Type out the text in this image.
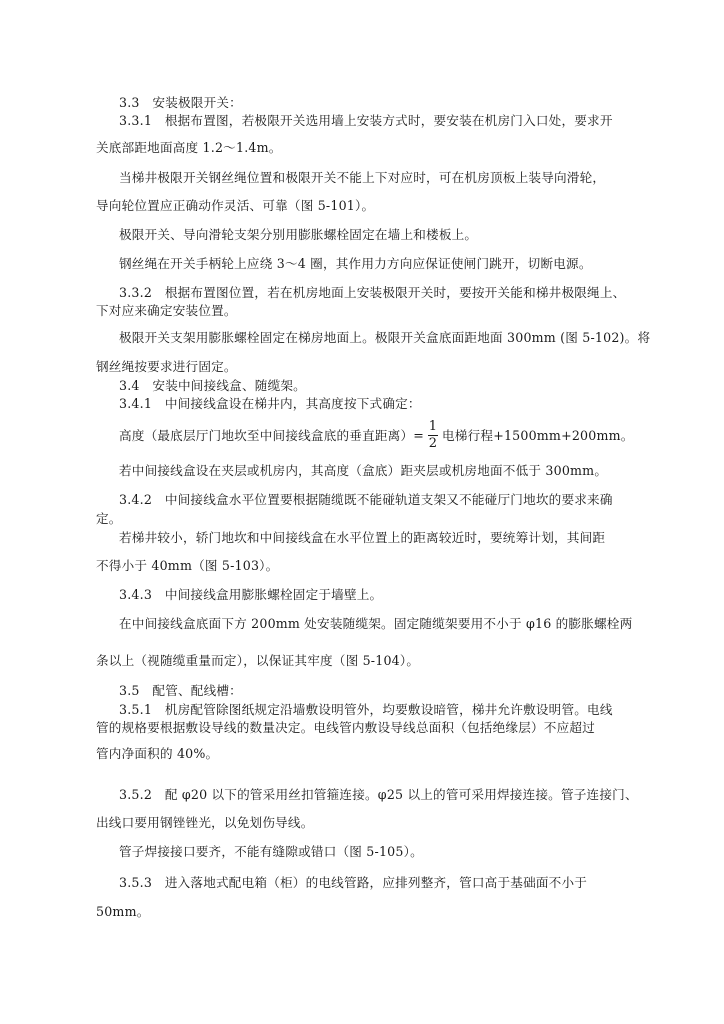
3.3　安装极限开关：
3.3.1　根据布置图，若极限开关选用墙上安装方式时，要安装在机房门入口处，要求开
关底部距地面高度 1.2～1.4m。
当梯井极限开关钢丝绳位置和极限开关不能上下对应时，可在机房顶板上装导向滑轮，
导向轮位置应正确动作灵活、可靠（图 5-101）。
极限开关、导向滑轮支架分别用膨胀螺栓固定在墙上和楼板上。
钢丝绳在开关手柄轮上应绕 3～4 圈，其作用力方向应保证使闸门跳开，切断电源。
3.3.2　根据布置图位置，若在机房地面上安装极限开关时，要按开关能和梯井极限绳上、
下对应来确定安装位置。
极限开关支架用膨胀螺栓固定在梯房地面上。极限开关盒底面距地面 300mm (图 5-102)。将
钢丝绳按要求进行固定。
3.4　安装中间接线盒、随缆架。
3.4.1　中间接线盒设在梯井内，其高度按下式确定：
高度（最底层厅门地坎至中间接线盒底的垂直距离）= $\frac{1}{2}$ 电梯行程+1500mm+200mm。
若中间接线盒设在夹层或机房内，其高度（盒底）距夹层或机房地面不低于 300mm。
3.4.2　中间接线盒水平位置要根据随缆既不能碰轨道支架又不能碰厅门地坎的要求来确
定。
若梯井较小，轿门地坎和中间接线盒在水平位置上的距离较近时，要统筹计划，其间距
不得小于 40mm（图 5-103）。
3.4.3　中间接线盒用膨胀螺栓固定于墙壁上。
在中间接线盒底面下方 200mm 处安装随缆架。固定随缆架要用不小于 φ16 的膨胀螺栓两
条以上（视随缆重量而定），以保证其牢度（图 5-104）。
3.5　配管、配线槽：
3.5.1　机房配管除图纸规定沿墙敷设明管外，均要敷设暗管，梯井允许敷设明管。电线
管的规格要根据敷设导线的数量决定。电线管内敷设导线总面积（包括绝缘层）不应超过
管内净面积的 40%。
3.5.2　配 φ20 以下的管采用丝扣管箍连接。φ25 以上的管可采用焊接连接。管子连接门、
出线口要用钢锉锉光，以免划伤导线。
管子焊接接口要齐，不能有缝隙或错口（图 5-105）。
3.5.3　进入落地式配电箱（柜）的电线管路，应排列整齐，管口高于基础面不小于
50mm。
